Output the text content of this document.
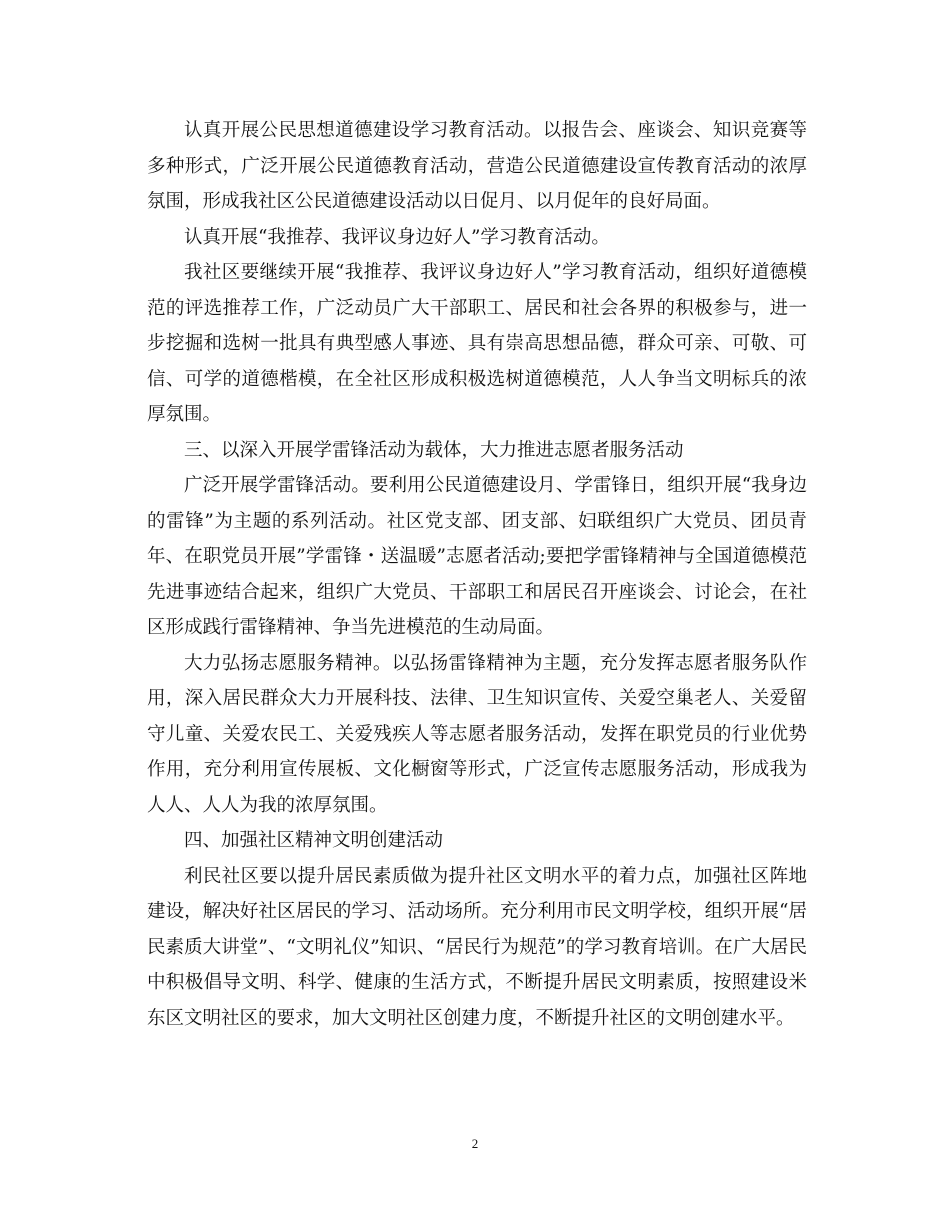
认真开展公民思想道德建设学习教育活动。以报告会、座谈会、知识竞赛等多种形式，广泛开展公民道德教育活动，营造公民道德建设宣传教育活动的浓厚氛围，形成我社区公民道德建设活动以日促月、以月促年的良好局面。

认真开展“我推荐、我评议身边好人”学习教育活动。

我社区要继续开展“我推荐、我评议身边好人”学习教育活动，组织好道德模范的评选推荐工作，广泛动员广大干部职工、居民和社会各界的积极参与，进一步挖掘和选树一批具有典型感人事迹、具有崇高思想品德，群众可亲、可敬、可信、可学的道德楷模，在全社区形成积极选树道德模范，人人争当文明标兵的浓厚氛围。

三、以深入开展学雷锋活动为载体，大力推进志愿者服务活动

广泛开展学雷锋活动。要利用公民道德建设月、学雷锋日，组织开展“我身边的雷锋”为主题的系列活动。社区党支部、团支部、妇联组织广大党员、团员青年、在职党员开展”学雷锋・送温暖”志愿者活动;要把学雷锋精神与全国道德模范先进事迹结合起来，组织广大党员、干部职工和居民召开座谈会、讨论会，在社区形成践行雷锋精神、争当先进模范的生动局面。

大力弘扬志愿服务精神。以弘扬雷锋精神为主题，充分发挥志愿者服务队作用，深入居民群众大力开展科技、法律、卫生知识宣传、关爱空巢老人、关爱留守儿童、关爱农民工、关爱残疾人等志愿者服务活动，发挥在职党员的行业优势作用，充分利用宣传展板、文化橱窗等形式，广泛宣传志愿服务活动，形成我为人人、人人为我的浓厚氛围。

四、加强社区精神文明创建活动

利民社区要以提升居民素质做为提升社区文明水平的着力点，加强社区阵地建设，解决好社区居民的学习、活动场所。充分利用市民文明学校，组织开展“居民素质大讲堂”、“文明礼仪”知识、“居民行为规范”的学习教育培训。在广大居民中积极倡导文明、科学、健康的生活方式，不断提升居民文明素质，按照建设米东区文明社区的要求，加大文明社区创建力度，不断提升社区的文明创建水平。

2
